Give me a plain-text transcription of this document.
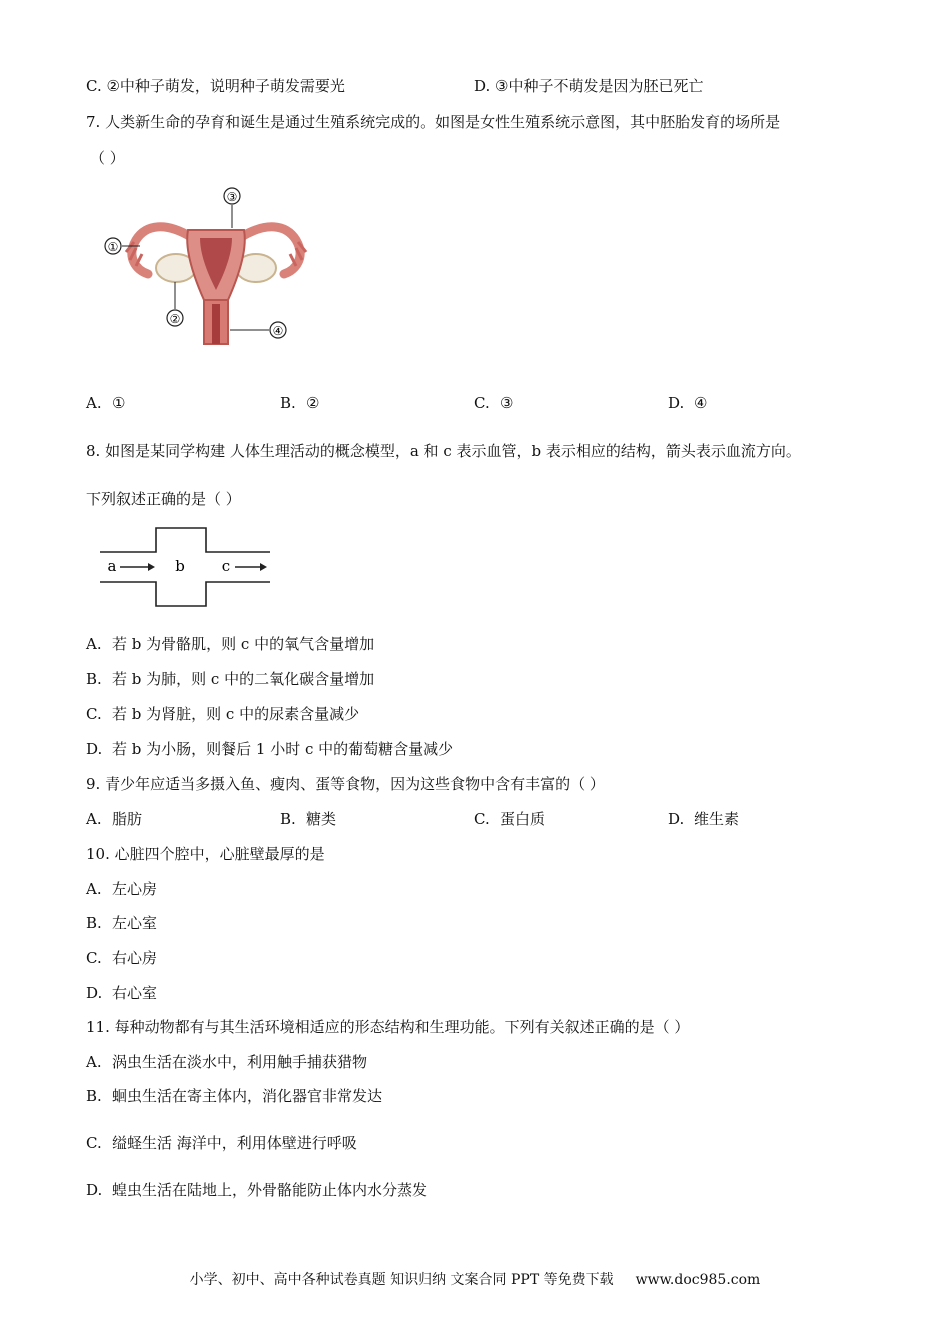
C. ②中种子萌发，说明种子萌发需要光	D. ③中种子不萌发是因为胚已死亡
7. 人类新生命的孕育和诞生是通过生殖系统完成的。如图是女性生殖系统示意图，其中胚胎发育的场所是
（ ）
①
②
③
④
A. ①	B. ②	C. ③	D. ④
8. 如图是某同学构建 人体生理活动的概念模型，a 和 c 表示血管，b 表示相应的结构，箭头表示血流方向。
下列叙述正确的是（ ）
a	b c
A. 若 b 为骨骼肌，则 c 中的氧气含量增加
B. 若 b 为肺，则 c 中的二氧化碳含量增加
C. 若 b 为肾脏，则 c 中的尿素含量减少
D. 若 b 为小肠，则餐后 1 小时 c 中的葡萄糖含量减少
9. 青少年应适当多摄入鱼、瘦肉、蛋等食物，因为这些食物中含有丰富的（ ）
A. 脂肪	B. 糖类	C. 蛋白质	D. 维生素
10. 心脏四个腔中，心脏壁最厚的是
A. 左心房
B. 左心室
C. 右心房
D. 右心室
11. 每种动物都有与其生活环境相适应的形态结构和生理功能。下列有关叙述正确的是（ ）
A. 涡虫生活在淡水中，利用触手捕获猎物
B. 蛔虫生活在寄主体内，消化器官非常发达
C. 缢蛏生活 海洋中，利用体壁进行呼吸
D. 蝗虫生活在陆地上，外骨骼能防止体内水分蒸发
小学、初中、高中各种试卷真题 知识归纳 文案合同 PPT 等免费下载 www.doc985.com
